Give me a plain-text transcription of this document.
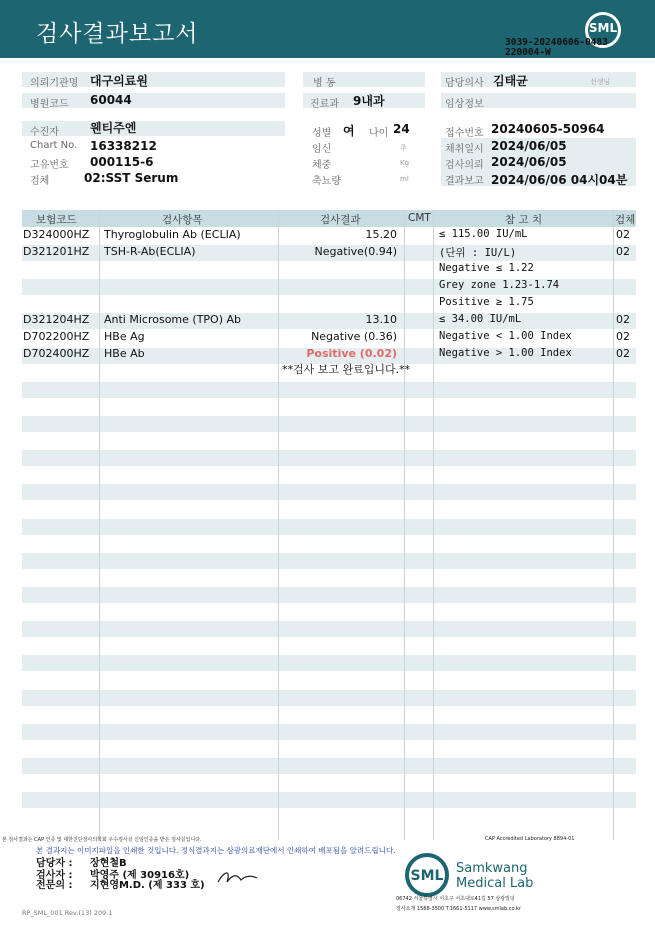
검사결과보고서	SML
3039-20240606-0483
220004-W
의뢰기관명 대구의료원	병 동	담당의사 김태균	선생님
병원코드 60044	진료과 9내과	임상정보
수진자	웬티주엔	성별 여 나이 24	접수번호 20240605-50964
Chart No. 16338212	임신	주	채취일시 2024/06/05
고유번호 000115-6	체중	Kg	검사의뢰 2024/06/05
검체	02:SST Serum	축뇨량	ml	결과보고 2024/06/06 04시04분
보험코드	검사항목	검사결과	CMT	참 고 치	검체
D324000HZ Thyroglobulin Ab (ECLIA)	15.20	≤ 115.00 IU/mL	02
D321201HZ TSH-R-Ab(ECLIA)	Negative(0.94)	(단위 : IU/L)	02
Negative ≤ 1.22
Grey zone 1.23-1.74
Positive ≥ 1.75
D321204HZ Anti Microsome (TPO) Ab	13.10	≤ 34.00 IU/mL	02
D702200HZ HBe Ag	Negative (0.36)	Negative < 1.00 Index	02
D702400HZ HBe Ab	Positive (0.02)	Negative > 1.00 Index	02
**검사 보고 완료입니다.**
본 검사결과는 CAP 인증 및 대한진단검사의학회 우수검사실 신임인증을 받은 검사실입니다.	CAP Accredited Laboratory 8894-01
본 결과지는 이미지파일을 인쇄한 것입니다. 정식결과지는 삼광의료재단에서 인쇄하여 배포됨을 알려드립니다.
담당자 : 장현철B
검사자 : 박영주 (제 30916호)
전문의 : 지현영M.D. (제 333 호)
SML Samkwang
Medical Lab
06742 서울특별시 서초구 서초대로41길 57 삼광빌딩
검사소개 1588-3500 T.1661-5117 www.smlab.co.kr
RP_SML_001 Rev.(13) 209.1
